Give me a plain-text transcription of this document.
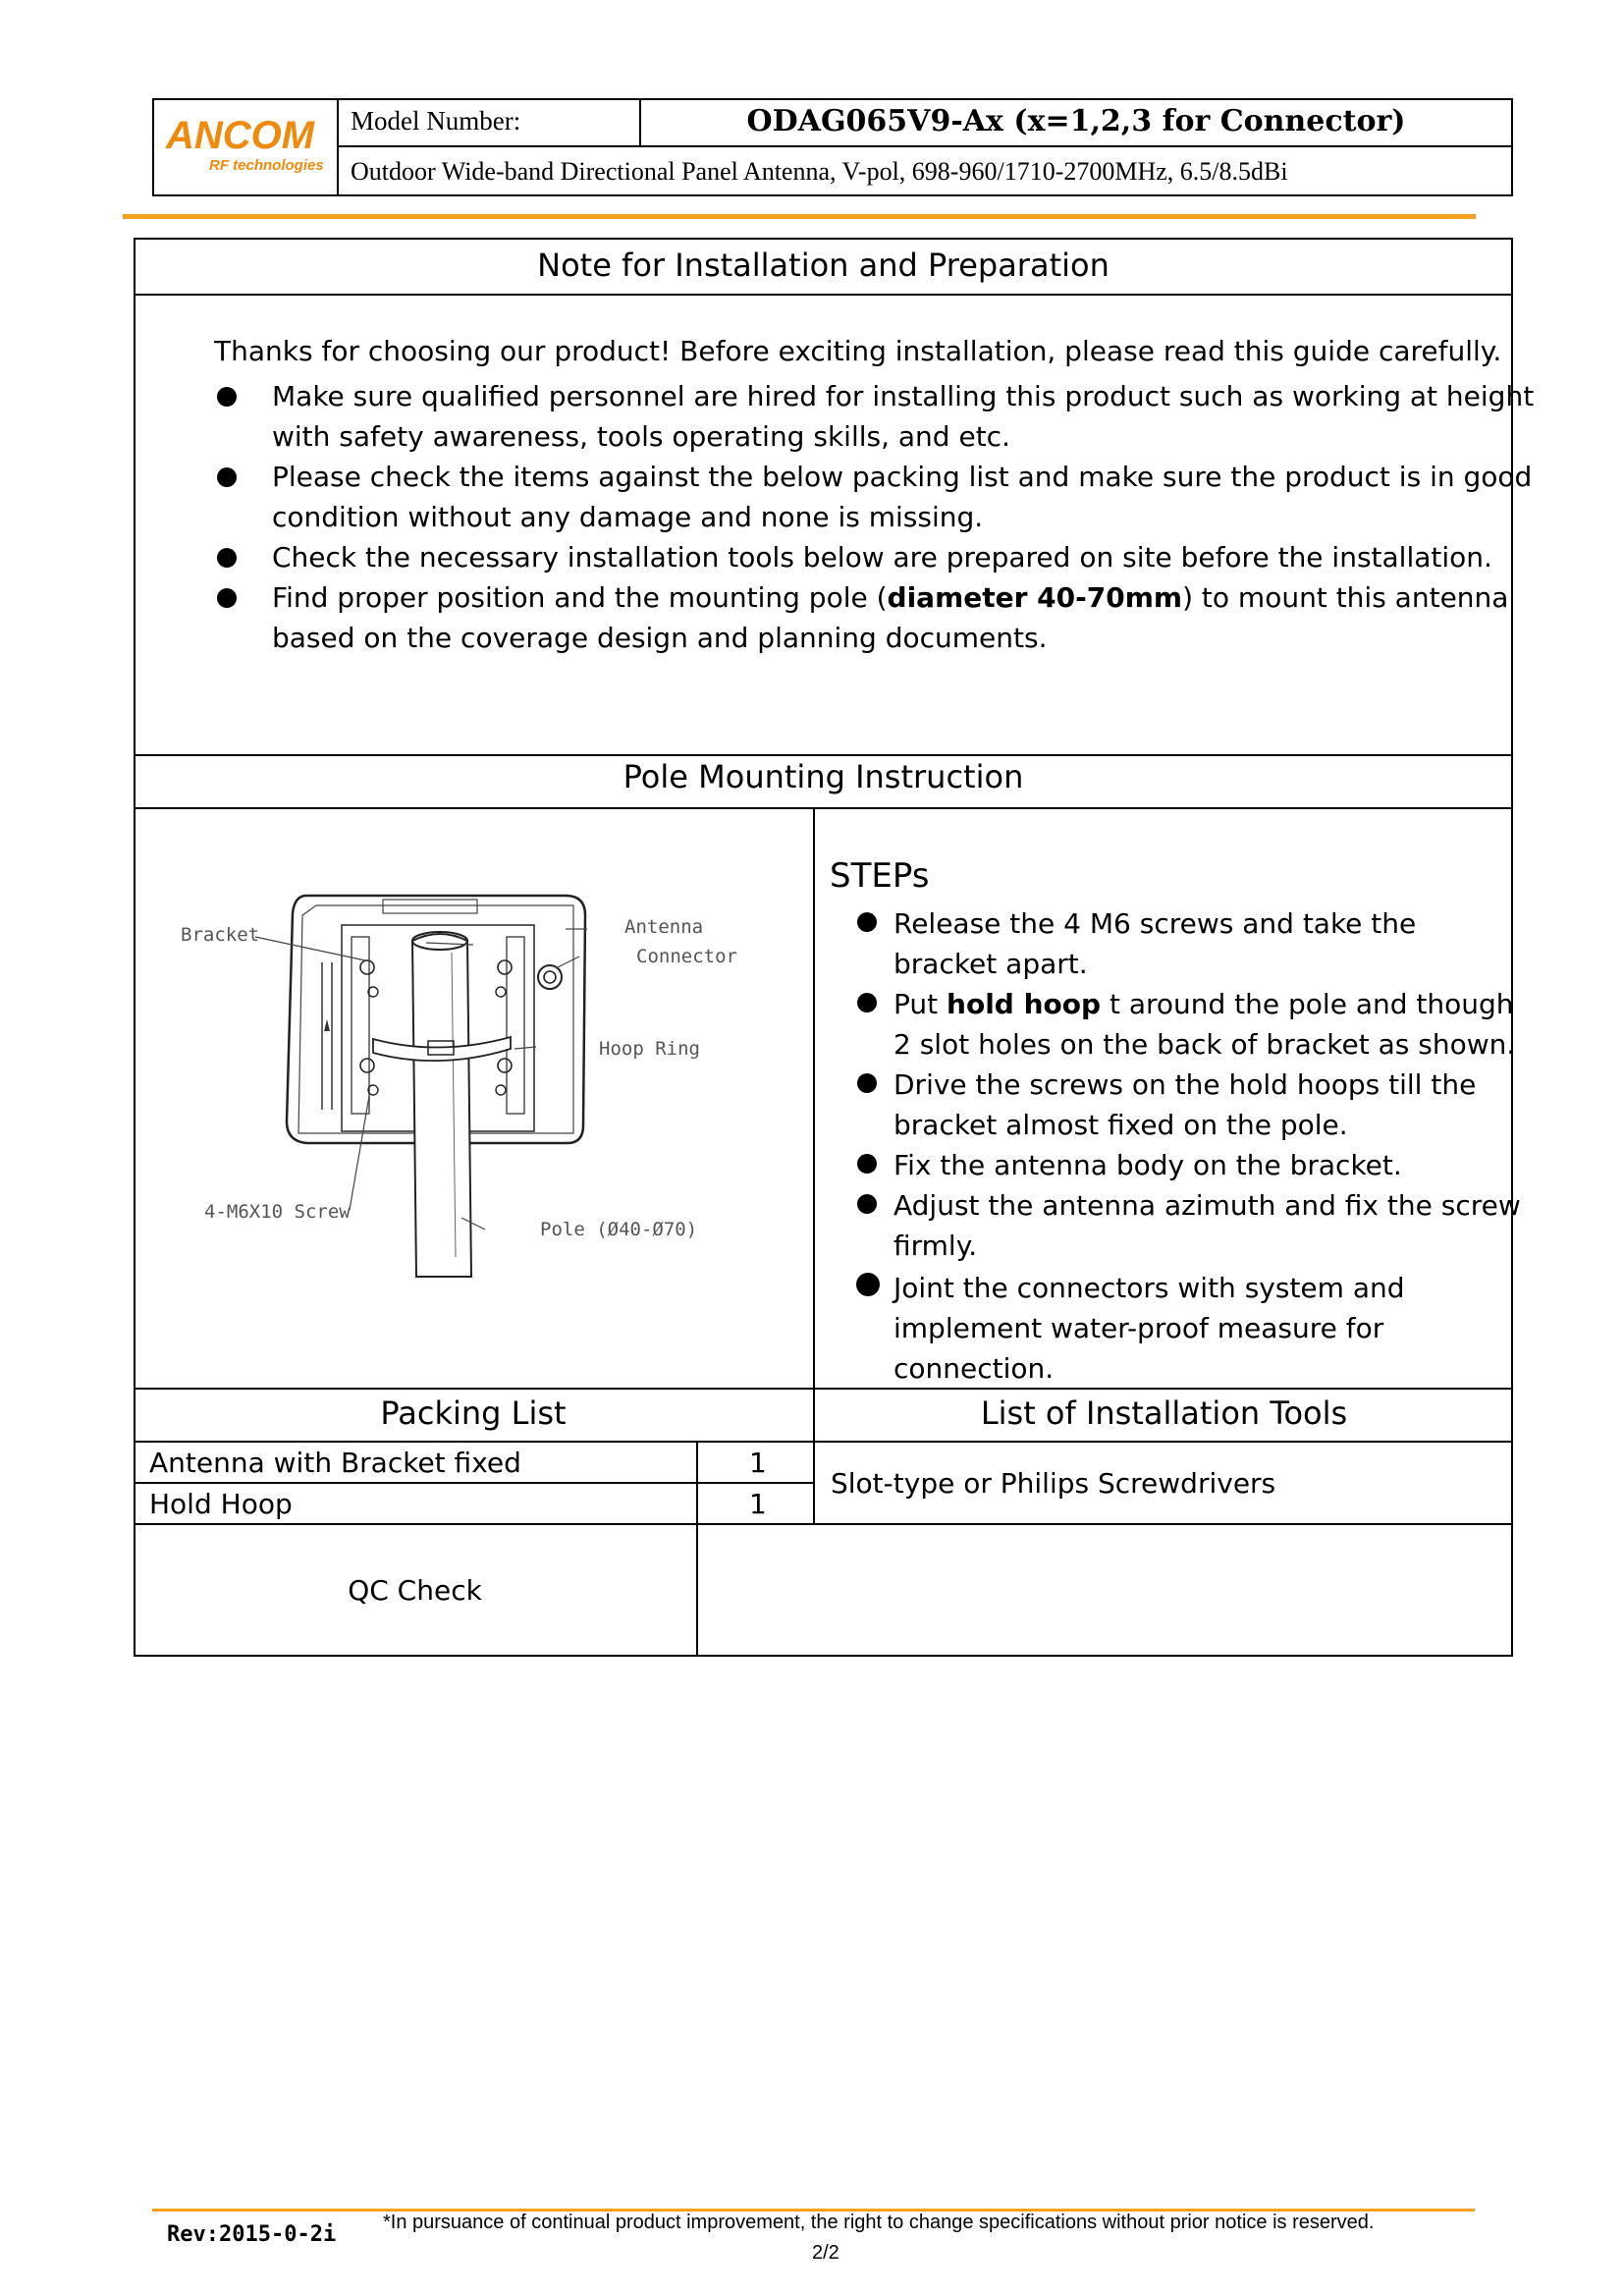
ANCOM
RF technologies
Model Number:	ODAG065V9-Ax (x=1,2,3 for Connector)
Outdoor Wide-band Directional Panel Antenna, V-pol, 698-960/1710-2700MHz, 6.5/8.5dBi
Note for Installation and Preparation
Thanks for choosing our product! Before exciting installation, please read this guide carefully.
Make sure qualified personnel are hired for installing this product such as working at height
with safety awareness, tools operating skills, and etc.
Please check the items against the below packing list and make sure the product is in good
condition without any damage and none is missing.
Check the necessary installation tools below are prepared on site before the installation.
Find proper position and the mounting pole (diameter 40-70mm) to mount this antenna
based on the coverage design and planning documents.
Pole Mounting Instruction
Bracket	Antenna
Connector
Hoop Ring
4-M6X10 Screw
Pole (Ø40-Ø70)
STEPs
Release the 4 M6 screws and take the
bracket apart.
Put hold hoop t around the pole and though
2 slot holes on the back of bracket as shown.
Drive the screws on the hold hoops till the
bracket almost fixed on the pole.
Fix the antenna body on the bracket.
Adjust the antenna azimuth and fix the screw
firmly.
Joint the connectors with system and
implement water-proof measure for
connection.
Packing List	List of Installation Tools
Antenna with Bracket fixed	1
Hold Hoop	1
Slot-type or Philips Screwdrivers
QC Check
Rev:2015-0-2i *In pursuance of continual product improvement, the right to change specifications without prior notice is reserved.
2/2
